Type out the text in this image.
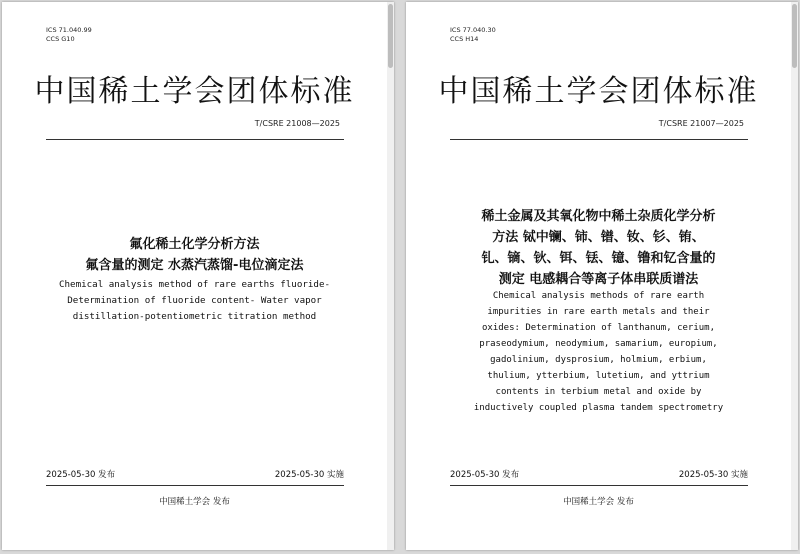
ICS 71.040.99
CCS G10
中国稀土学会团体标准
T/CSRE 21008—2025
氟化稀土化学分析方法
氟含量的测定 水蒸汽蒸馏-电位滴定法
Chemical analysis method of rare earths fluoride-
Determination of fluoride content- Water vapor
distillation-potentiometric titration method
2025-05-30 发布	2025-05-30 实施
中国稀土学会 发布
ICS 77.040.30
CCS H14
中国稀土学会团体标准
T/CSRE 21007—2025
稀土金属及其氧化物中稀土杂质化学分析
方法 铽中镧、铈、镨、钕、钐、铕、
钆、镝、钬、铒、铥、镱、镥和钇含量的
测定 电感耦合等离子体串联质谱法
Chemical analysis methods of rare earth
impurities in rare earth metals and their
oxides: Determination of lanthanum, cerium,
praseodymium, neodymium, samarium, europium,
gadolinium, dysprosium, holmium, erbium,
thulium, ytterbium, lutetium, and yttrium
contents in terbium metal and oxide by
inductively coupled plasma tandem spectrometry
2025-05-30 发布	2025-05-30 实施
中国稀土学会 发布
